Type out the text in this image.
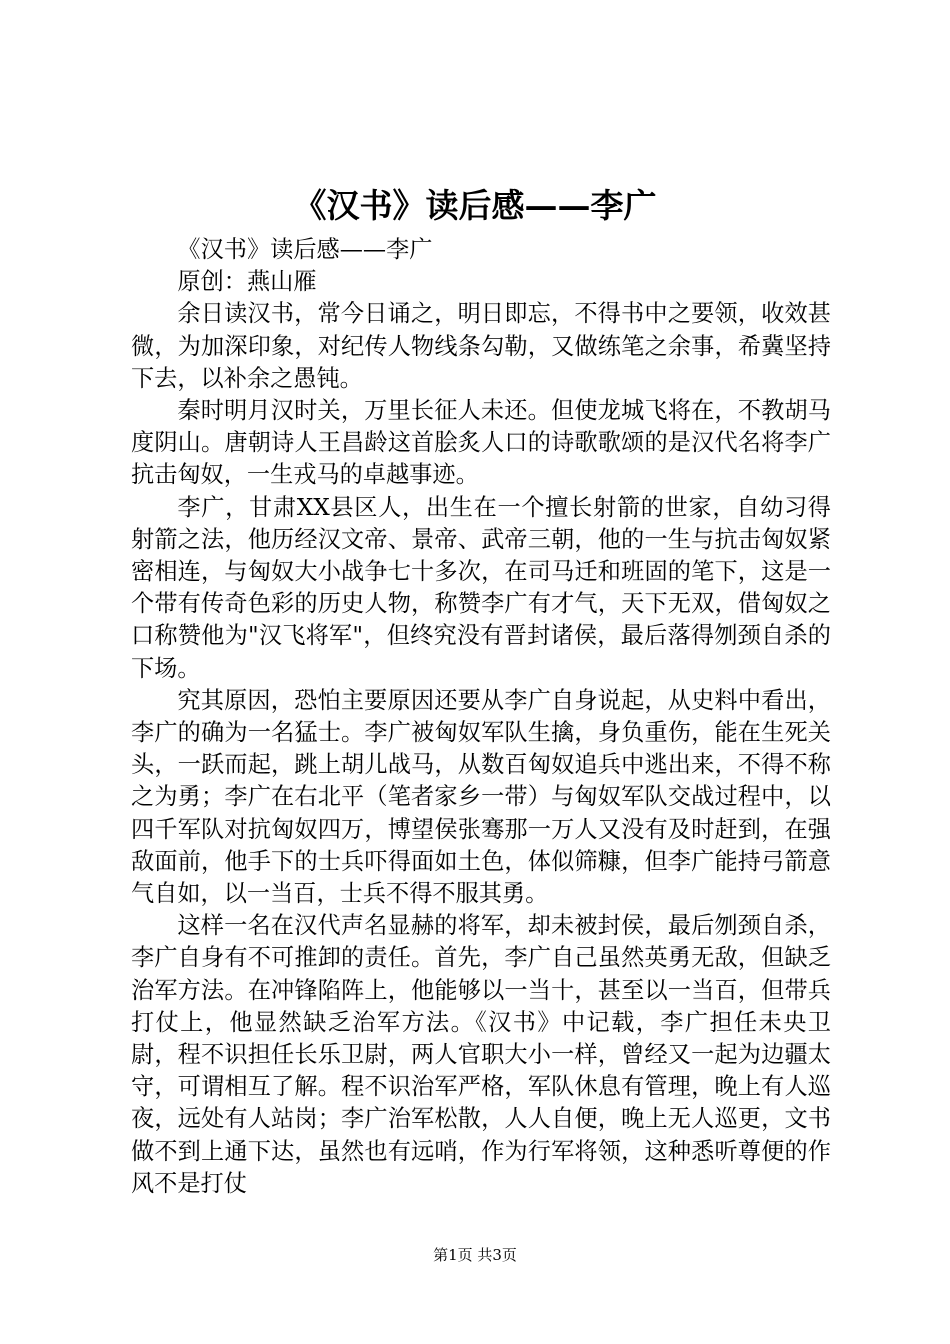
《汉书》读后感——李广

《汉书》读后感——李广

原创：燕山雁

余日读汉书，常今日诵之，明日即忘，不得书中之要领，收效甚微，为加深印象，对纪传人物线条勾勒，又做练笔之余事，希冀坚持下去，以补余之愚钝。

秦时明月汉时关，万里长征人未还。但使龙城飞将在，不教胡马度阴山。唐朝诗人王昌龄这首脍炙人口的诗歌歌颂的是汉代名将李广抗击匈奴，一生戎马的卓越事迹。

李广，甘肃XX县区人，出生在一个擅长射箭的世家，自幼习得射箭之法，他历经汉文帝、景帝、武帝三朝，他的一生与抗击匈奴紧密相连，与匈奴大小战争七十多次，在司马迁和班固的笔下，这是一个带有传奇色彩的历史人物，称赞李广有才气，天下无双，借匈奴之口称赞他为"汉飞将军"，但终究没有晋封诸侯，最后落得刎颈自杀的下场。

究其原因，恐怕主要原因还要从李广自身说起，从史料中看出，李广的确为一名猛士。李广被匈奴军队生擒，身负重伤，能在生死关头，一跃而起，跳上胡儿战马，从数百匈奴追兵中逃出来，不得不称之为勇；李广在右北平（笔者家乡一带）与匈奴军队交战过程中，以四千军队对抗匈奴四万，博望侯张骞那一万人又没有及时赶到，在强敌面前，他手下的士兵吓得面如土色，体似筛糠，但李广能持弓箭意气自如，以一当百，士兵不得不服其勇。

这样一名在汉代声名显赫的将军，却未被封侯，最后刎颈自杀，李广自身有不可推卸的责任。首先，李广自己虽然英勇无敌，但缺乏治军方法。在冲锋陷阵上，他能够以一当十，甚至以一当百，但带兵打仗上，他显然缺乏治军方法。《汉书》中记载，李广担任未央卫尉，程不识担任长乐卫尉，两人官职大小一样，曾经又一起为边疆太守，可谓相互了解。程不识治军严格，军队休息有管理，晚上有人巡夜，远处有人站岗；李广治军松散，人人自便，晚上无人巡更，文书做不到上通下达，虽然也有远哨，作为行军将领，这种悉听尊便的作风不是打仗

第1页 共3页
